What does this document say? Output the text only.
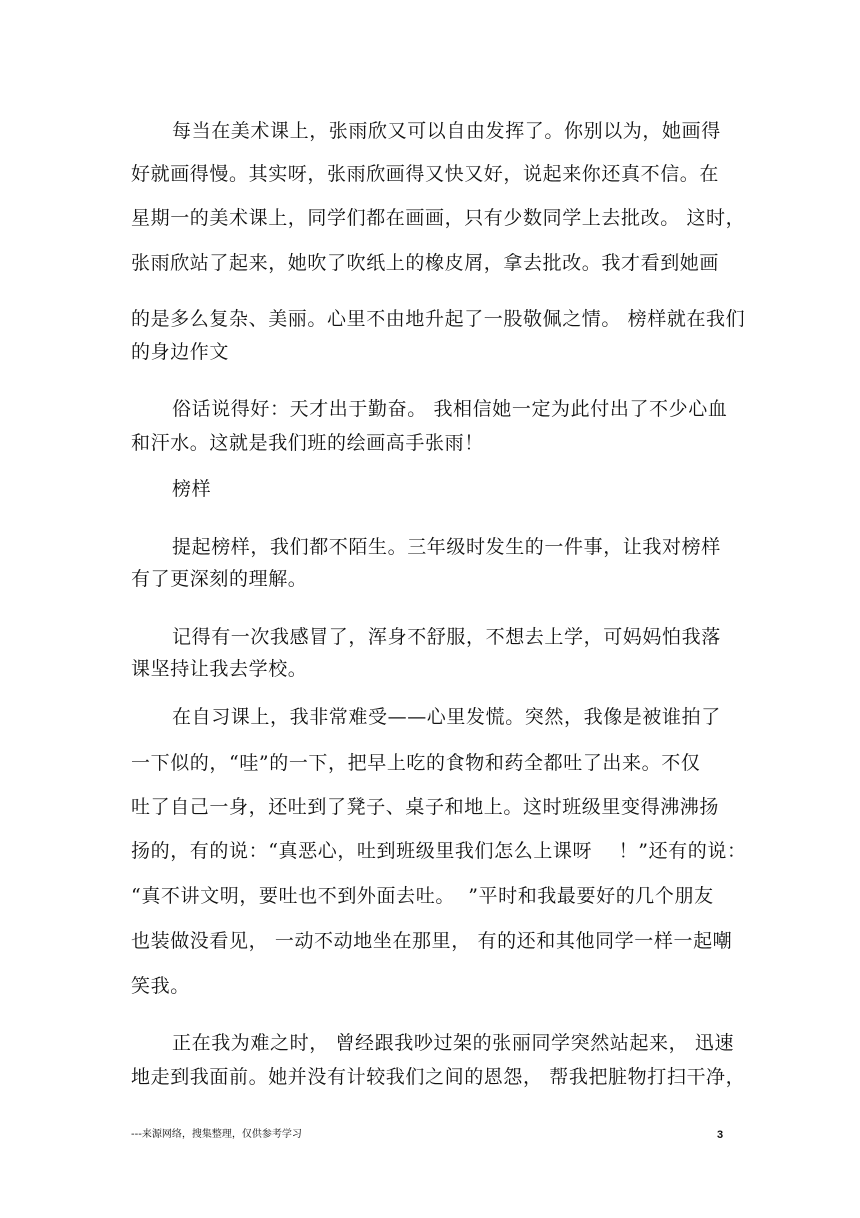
每当在美术课上，张雨欣又可以自由发挥了。你别以为，她画得
好就画得慢。其实呀，张雨欣画得又快又好，说起来你还真不信。在
星期一的美术课上，同学们都在画画，只有少数同学上去批改。 这时，
张雨欣站了起来，她吹了吹纸上的橡皮屑，拿去批改。我才看到她画
的是多么复杂、美丽。心里不由地升起了一股敬佩之情。 榜样就在我们
的身边作文
俗话说得好：天才出于勤奋。 我相信她一定为此付出了不少心血
和汗水。这就是我们班的绘画高手张雨！
榜样
提起榜样，我们都不陌生。三年级时发生的一件事，让我对榜样
有了更深刻的理解。
记得有一次我感冒了，浑身不舒服，不想去上学，可妈妈怕我落
课坚持让我去学校。
在自习课上，我非常难受——心里发慌。突然，我像是被谁拍了
一下似的，“哇”的一下，把早上吃的食物和药全都吐了出来。不仅
吐了自己一身，还吐到了凳子、桌子和地上。这时班级里变得沸沸扬
扬的，有的说：“真恶心，吐到班级里我们怎么上课呀    ！”还有的说：
“真不讲文明，要吐也不到外面去吐。  ”平时和我最要好的几个朋友
也装做没看见， 一动不动地坐在那里， 有的还和其他同学一样一起嘲
笑我。
正在我为难之时， 曾经跟我吵过架的张丽同学突然站起来， 迅速
地走到我面前。她并没有计较我们之间的恩怨， 帮我把脏物打扫干净，
---来源网络，搜集整理，仅供参考学习	3
